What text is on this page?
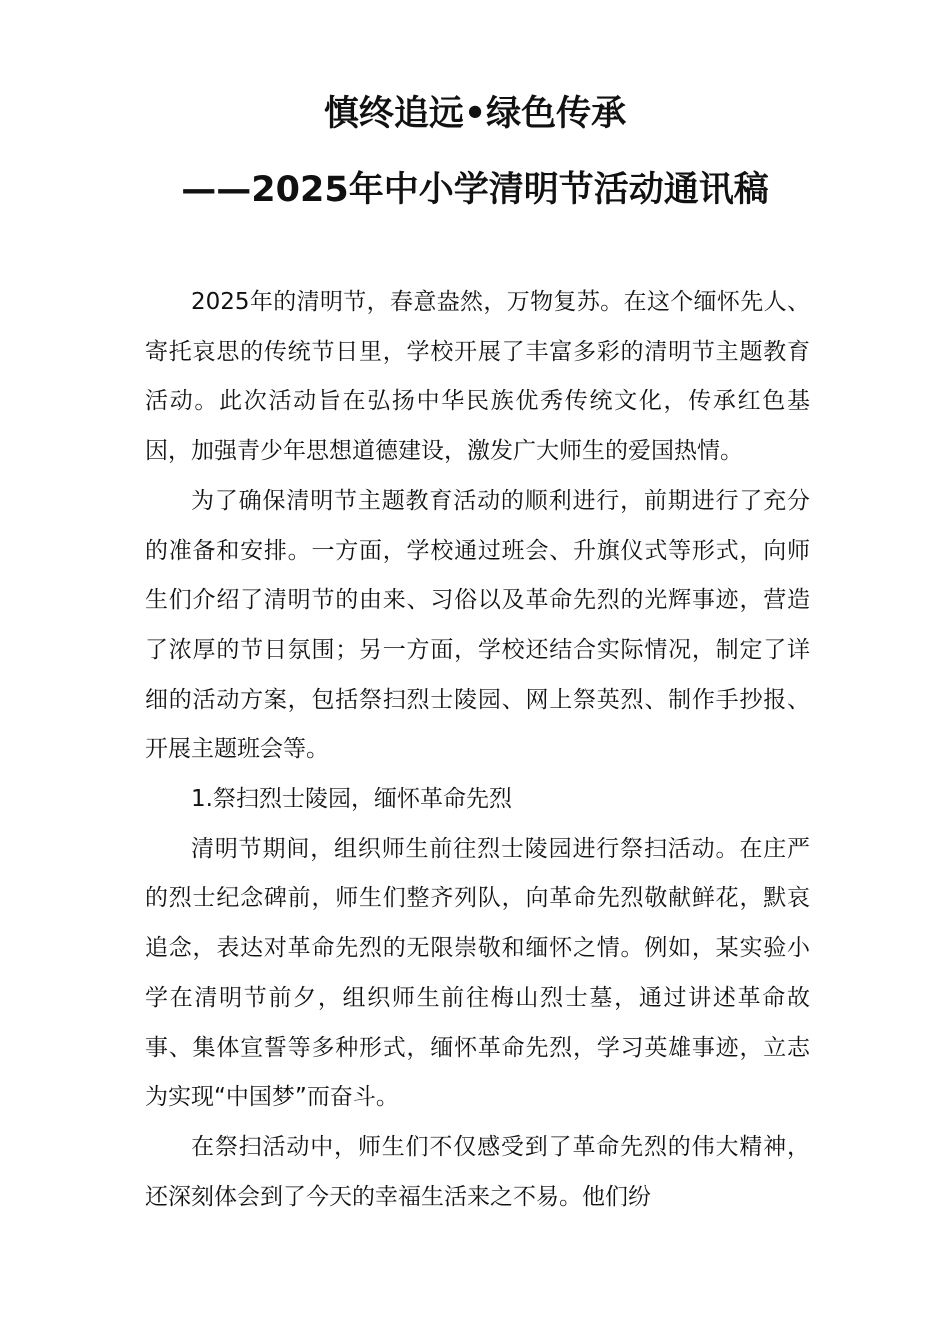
慎终追远•绿色传承
——2025年中小学清明节活动通讯稿

2025年的清明节，春意盎然，万物复苏。在这个缅怀先人、寄托哀思的传统节日里，学校开展了丰富多彩的清明节主题教育活动。此次活动旨在弘扬中华民族优秀传统文化，传承红色基因，加强青少年思想道德建设，激发广大师生的爱国热情。

为了确保清明节主题教育活动的顺利进行，前期进行了充分的准备和安排。一方面，学校通过班会、升旗仪式等形式，向师生们介绍了清明节的由来、习俗以及革命先烈的光辉事迹，营造了浓厚的节日氛围；另一方面，学校还结合实际情况，制定了详细的活动方案，包括祭扫烈士陵园、网上祭英烈、制作手抄报、开展主题班会等。

1.祭扫烈士陵园，缅怀革命先烈

清明节期间，组织师生前往烈士陵园进行祭扫活动。在庄严的烈士纪念碑前，师生们整齐列队，向革命先烈敬献鲜花，默哀追念，表达对革命先烈的无限崇敬和缅怀之情。例如，某实验小学在清明节前夕，组织师生前往梅山烈士墓，通过讲述革命故事、集体宣誓等多种形式，缅怀革命先烈，学习英雄事迹，立志为实现“中国梦”而奋斗。

在祭扫活动中，师生们不仅感受到了革命先烈的伟大精神，还深刻体会到了今天的幸福生活来之不易。他们纷
